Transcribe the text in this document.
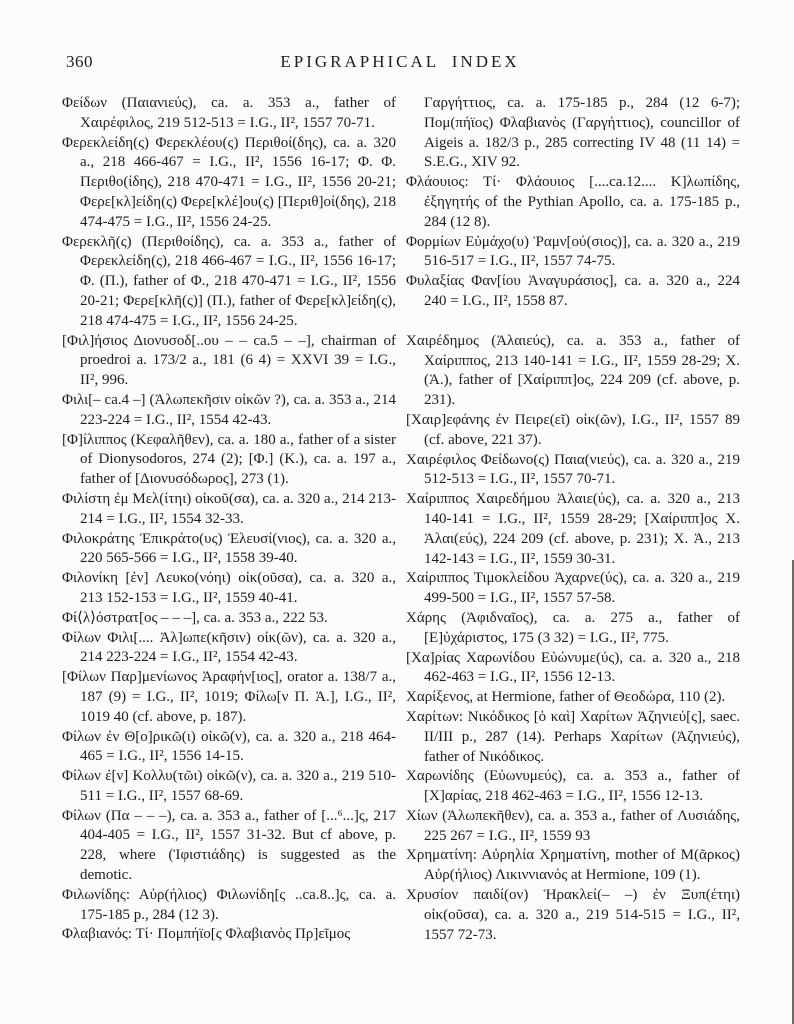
360	EPIGRAPHICAL INDEX

Φείδων (Παιανιεύς), ca. a. 353 a., father of Χαιρέφιλος, 219 512-513 = I.G., II², 1557 70-71.

Φερεκλείδη(ς) Φερεκλέου(ς) Περιθοί(δης), ca. a. 320 a., 218 466-467 = I.G., II², 1556 16-17; Φ. Φ. Περιθο(ίδης), 218 470-471 = I.G., II², 1556 20-21; Φερε[κλ]είδη(ς) Φερε[κλέ]ου(ς) [Περιθ]οί(δης), 218 474-475 = I.G., II², 1556 24-25.

Φερεκλῆ(ς) (Περιθοίδης), ca. a. 353 a., father of Φερεκλείδη(ς), 218 466-467 = I.G., II², 1556 16-17; Φ. (Π.), father of Φ., 218 470-471 = I.G., II², 1556 20-21; Φερε[κλῆ(ς)] (Π.), father of Φερε[κλ]είδη(ς), 218 474-475 = I.G., II², 1556 24-25.

[Φιλ]ήσιος Διονυσοδ[..ου – – ca.5 – –], chairman of proedroi a. 173/2 a., 181 (6 4) = XXVI 39 = I.G., II², 996.

Φιλι[– ca.4 –] (Ἀλωπεκῆσιν οἰκῶν ?), ca. a. 353 a., 214 223-224 = I.G., II², 1554 42-43.

[Φ]ίλιππος (Κεφαλῆθεν), ca. a. 180 a., father of a sister of Dionysodoros, 274 (2); [Φ.] (Κ.), ca. a. 197 a., father of [Διονυσόδωρος], 273 (1).

Φιλίστη ἐμ Μελ(ίτηι) οἰκοῦ(σα), ca. a. 320 a., 214 213-214 = I.G., II², 1554 32-33.

Φιλοκράτης Ἐπικράτο(υς) Ἐλευσί(νιος), ca. a. 320 a., 220 565-566 = I.G., II², 1558 39-40.

Φιλονίκη [ἐν] Λευκο(νόηι) οἰκ(οῦσα), ca. a. 320 a., 213 152-153 = I.G., II², 1559 40-41.

Φί⟨λ⟩όστρατ[ος – – –], ca. a. 353 a., 222 53.

Φίλων Φιλι[.... Ἀλ]ωπε(κῆσιν) οἰκ(ῶν), ca. a. 320 a., 214 223-224 = I.G., II², 1554 42-43.

[Φίλων Παρ]μενίωνος Ἀραφήν[ιος], orator a. 138/7 a., 187 (9) = I.G., II², 1019; Φίλω[ν Π. Ἀ.], I.G., II², 1019 40 (cf. above, p. 187).

Φίλων ἐν Θ[ο]ρικῶ(ι) οἰκῶ(ν), ca. a. 320 a., 218 464-465 = I.G., II², 1556 14-15.

Φίλων ἐ[ν] Κολλυ(τῶι) οἰκῶ(ν), ca. a. 320 a., 219 510-511 = I.G., II², 1557 68-69.

Φίλων (Πα – – –), ca. a. 353 a., father of [...⁶...]ς, 217 404-405 = I.G., II², 1557 31-32. But cf above, p. 228, where (Ἰφιστιάδης) is suggested as the demotic.

Φιλωνίδης: Αὐρ(ήλιος) Φιλωνίδη[ς ..ca.8..]ς, ca. a. 175-185 p., 284 (12 3).

Φλαβιανός: Τί· Πομπήϊο[ς Φλαβιανὸς Πρ]εῖμος

Γαργήττιος, ca. a. 175-185 p., 284 (12 6-7); Πομ(πήϊος) Φλαβιανὸς (Γαργήττιος), councillor of Aigeis a. 182/3 p., 285 correcting IV 48 (11 14) = S.E.G., XIV 92.

Φλάουιος: Τί· Φλάουιος [....ca.12.... Κ]λωπίδης, ἐξηγητής of the Pythian Apollo, ca. a. 175-185 p., 284 (12 8).

Φορμίων Εὐμάχο(υ) Ῥαμν[ού(σιος)], ca. a. 320 a., 219 516-517 = I.G., II², 1557 74-75.

Φυλαξίας Φαν[ίου Ἀναγυράσιος], ca. a. 320 a., 224 240 = I.G., II², 1558 87.

Χαιρέδημος (Ἁλαιεύς), ca. a. 353 a., father of Χαίριππος, 213 140-141 = I.G., II², 1559 28-29; Χ. (Ἁ.), father of [Χαίριππ]ος, 224 209 (cf. above, p. 231).

[Χαιρ]εφάνης ἐν Πειρε(εῖ) οἰκ(ῶν), I.G., II², 1557 89 (cf. above, 221 37).

Χαιρέφιλος Φείδωνο(ς) Παια(νιεύς), ca. a. 320 a., 219 512-513 = I.G., II², 1557 70-71.

Χαίριππος Χαιρεδήμου Ἁλαιε(ύς), ca. a. 320 a., 213 140-141 = I.G., II², 1559 28-29; [Χαίριππ]ος Χ. Ἁλαι(εύς), 224 209 (cf. above, p. 231); Χ. Ἁ., 213 142-143 = I.G., II², 1559 30-31.

Χαίριππος Τιμοκλείδου Ἀχαρνε(ύς), ca. a. 320 a., 219 499-500 = I.G., II², 1557 57-58.

Χάρης (Ἀφιδναῖος), ca. a. 275 a., father of [Ε]ὐχάριστος, 175 (3 32) = I.G., II², 775.

[Χα]ρίας Χαρωνίδου Εὐώνυμε(ύς), ca. a. 320 a., 218 462-463 = I.G., II², 1556 12-13.

Χαρίξενος, at Hermione, father of Θεοδώρα, 110 (2).

Χαρίτων: Νικόδικος [ὁ καὶ] Χαρίτων Ἀζηνιεύ[ς], saec. II/III p., 287 (14). Perhaps Χαρίτων (Ἀζηνιεύς), father of Νικόδικος.

Χαρωνίδης (Εὐωνυμεύς), ca. a. 353 a., father of [Χ]αρίας, 218 462-463 = I.G., II², 1556 12-13.

Χίων (Ἀλωπεκῆθεν), ca. a. 353 a., father of Λυσιάδης, 225 267 = I.G., II², 1559 93

Χρηματίνη: Αὐρηλία Χρηματίνη, mother of Μ(ᾶρκος) Αὐρ(ήλιος) Λικιννιανός at Hermione, 109 (1).

Χρυσίον παιδί(ον) Ἡρακλεί(– –) ἐν Ξυπ(έτηι) οἰκ(οῦσα), ca. a. 320 a., 219 514-515 = I.G., II², 1557 72-73.
